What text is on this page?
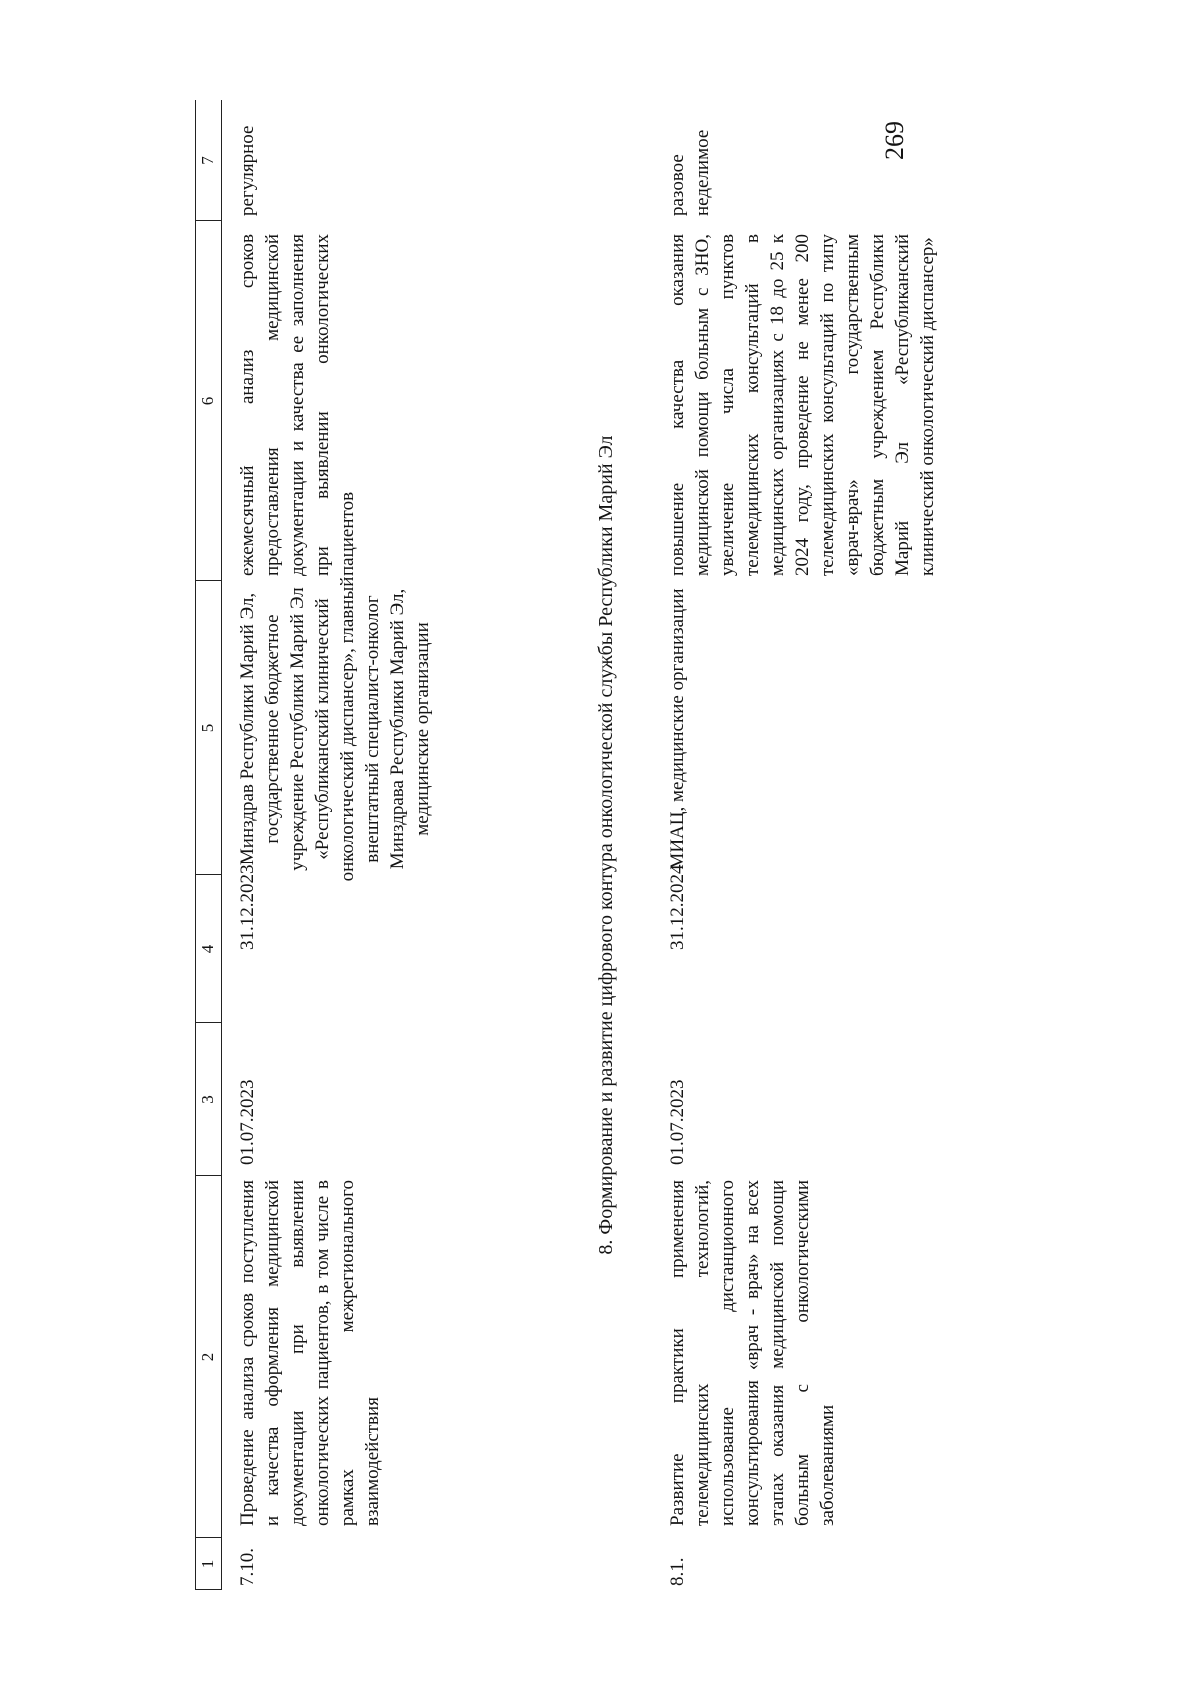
269
1
2
3
4
5
6
7
7.10.
Проведение анализа сроков поступления и качества оформления медицинской документации при выявлении онкологических пациентов, в том числе в рамках межрегионального взаимодействия
01.07.2023
31.12.2023
Минздрав Республики Марий Эл, государственное бюджетное учреждение Республики Марий Эл «Республиканский клинический онкологический диспансер», главный внештатный специалист-онколог Минздрава Республики Марий Эл, медицинские организации
ежемесячный анализ сроков предоставления медицинской документации и качества ее заполнения при выявлении онкологических пациентов
регулярное
8. Формирование и развитие цифрового контура онкологической службы Республики Марий Эл
8.1.
Развитие практики применения телемедицинских технологий, использование дистанционного консультирования «врач - врач» на всех этапах оказания медицинской помощи больным с онкологическими заболеваниями
01.07.2023
31.12.2024
МИАЦ, медицинские организации
повышение качества оказания медицинской помощи больным с ЗНО, увеличение числа пунктов телемедицинских консультаций в медицинских организациях с 18 до 25 к 2024 году, проведение не менее 200 телемедицинских консультаций по типу «врач-врач» государственным бюджетным учреждением Республики Марий Эл «Республиканский клинический онкологический диспансер»
разовое неделимое
